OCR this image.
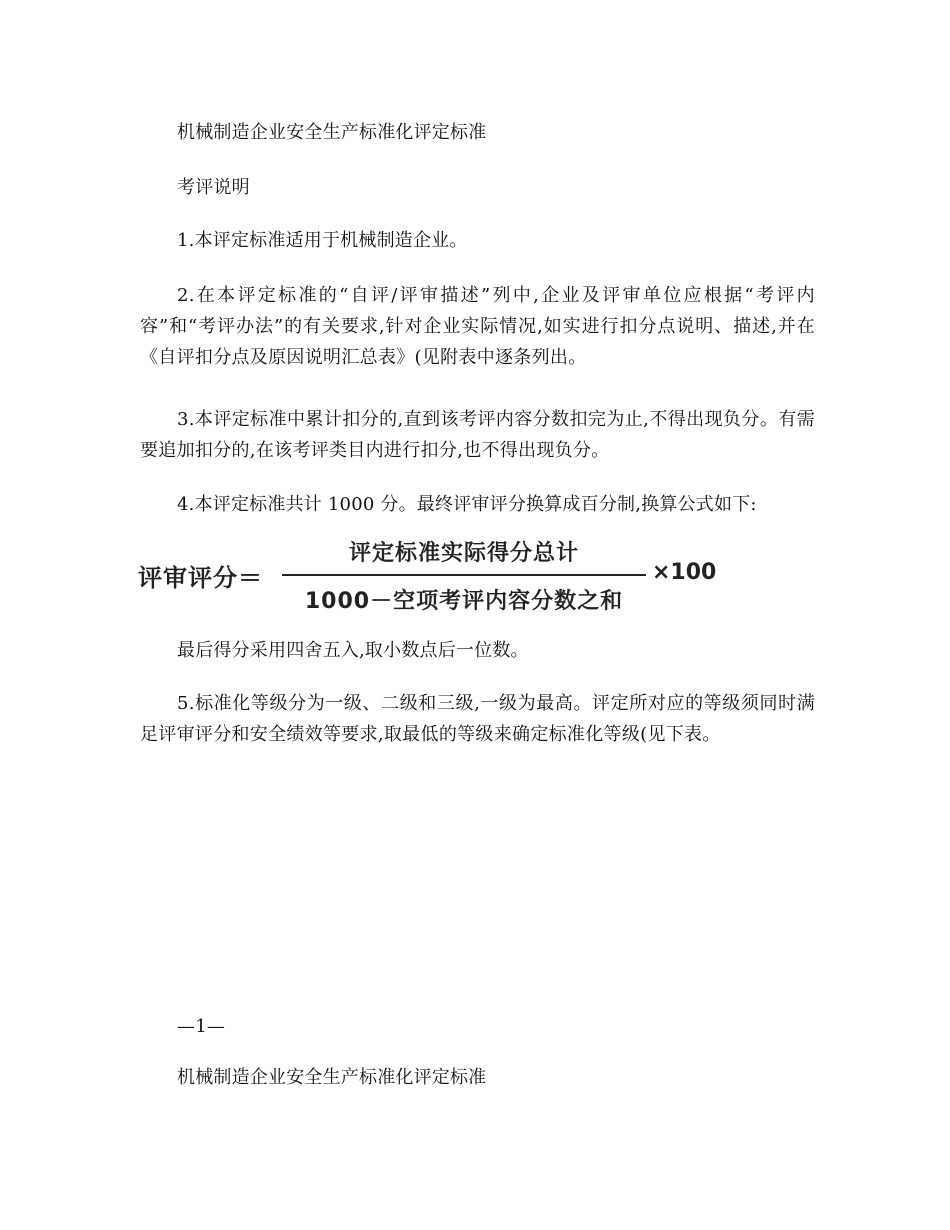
机械制造企业安全生产标准化评定标准
考评说明
1.本评定标准适用于机械制造企业。
2.在本评定标准的“自评/评审描述”列中,企业及评审单位应根据“考评内容”和“考评办法”的有关要求,针对企业实际情况,如实进行扣分点说明、描述,并在《自评扣分点及原因说明汇总表》(见附表中逐条列出。
3.本评定标准中累计扣分的,直到该考评内容分数扣完为止,不得出现负分。有需要追加扣分的,在该考评类目内进行扣分,也不得出现负分。
4.本评定标准共计 1000 分。最终评审评分换算成百分制,换算公式如下:
评审评分＝
评定标准实际得分总计
1000－空项考评内容分数之和
×100
最后得分采用四舍五入,取小数点后一位数。
5.标准化等级分为一级、二级和三级,一级为最高。评定所对应的等级须同时满足评审评分和安全绩效等要求,取最低的等级来确定标准化等级(见下表。
—1—
机械制造企业安全生产标准化评定标准
